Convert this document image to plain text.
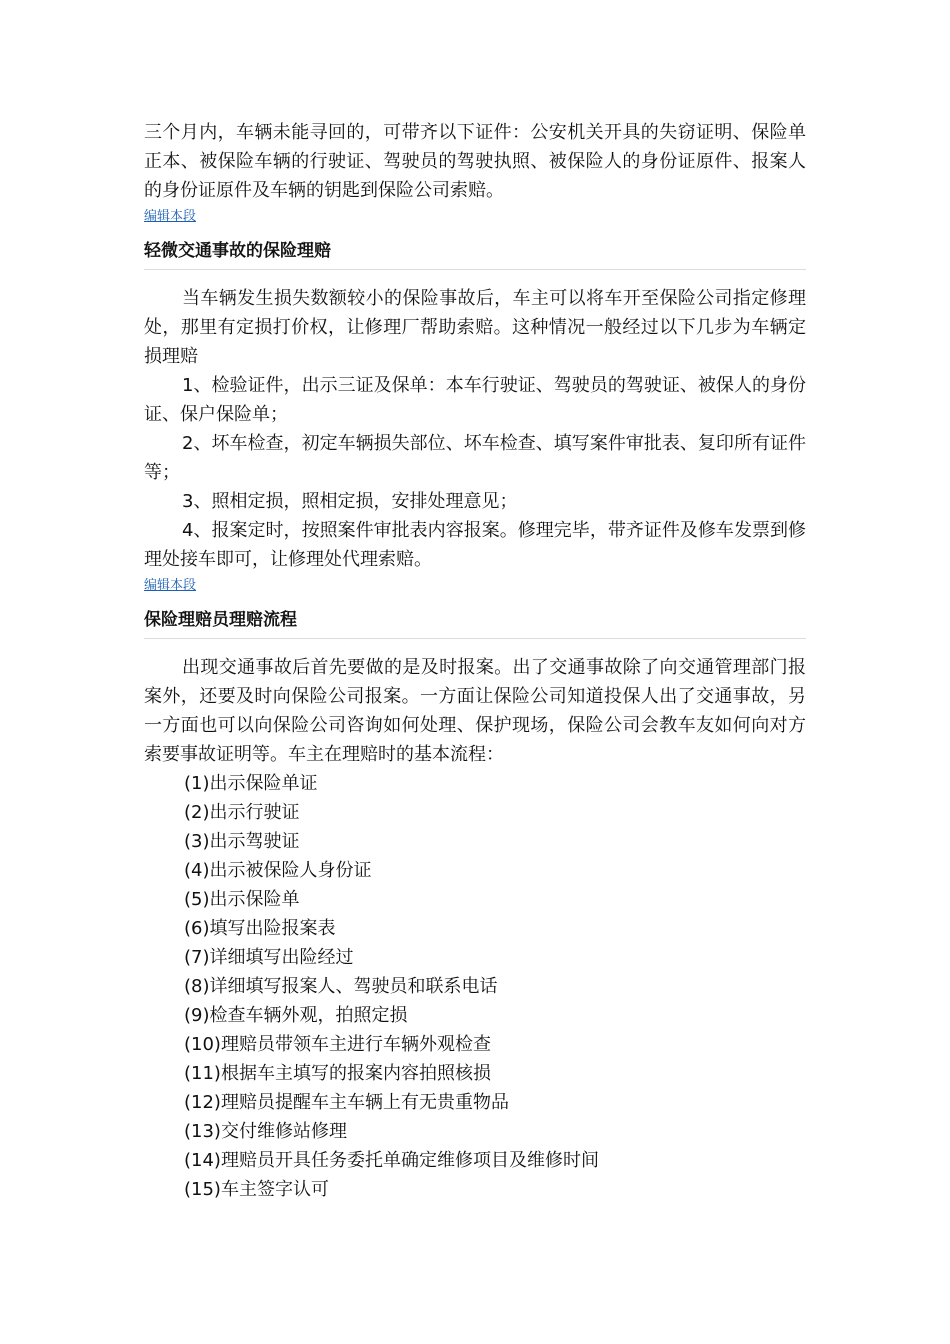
三个月内，车辆未能寻回的，可带齐以下证件：公安机关开具的失窃证明、保险单正本、被保险车辆的行驶证、驾驶员的驾驶执照、被保险人的身份证原件、报案人的身份证原件及车辆的钥匙到保险公司索赔。

编辑本段
轻微交通事故的保险理赔

当车辆发生损失数额较小的保险事故后，车主可以将车开至保险公司指定修理处，那里有定损打价权，让修理厂帮助索赔。这种情况一般经过以下几步为车辆定损理赔

1、检验证件，出示三证及保单：本车行驶证、驾驶员的驾驶证、被保人的身份证、保户保险单；

2、坏车检查，初定车辆损失部位、坏车检查、填写案件审批表、复印所有证件等；

3、照相定损，照相定损，安排处理意见；

4、报案定时，按照案件审批表内容报案。修理完毕，带齐证件及修车发票到修理处接车即可，让修理处代理索赔。

编辑本段
保险理赔员理赔流程

出现交通事故后首先要做的是及时报案。出了交通事故除了向交通管理部门报案外，还要及时向保险公司报案。一方面让保险公司知道投保人出了交通事故，另一方面也可以向保险公司咨询如何处理、保护现场，保险公司会教车友如何向对方索要事故证明等。车主在理赔时的基本流程：

(1)出示保险单证
(2)出示行驶证
(3)出示驾驶证
(4)出示被保险人身份证
(5)出示保险单
(6)填写出险报案表
(7)详细填写出险经过
(8)详细填写报案人、驾驶员和联系电话
(9)检查车辆外观，拍照定损
(10)理赔员带领车主进行车辆外观检查
(11)根据车主填写的报案内容拍照核损
(12)理赔员提醒车主车辆上有无贵重物品
(13)交付维修站修理
(14)理赔员开具任务委托单确定维修项目及维修时间
(15)车主签字认可
